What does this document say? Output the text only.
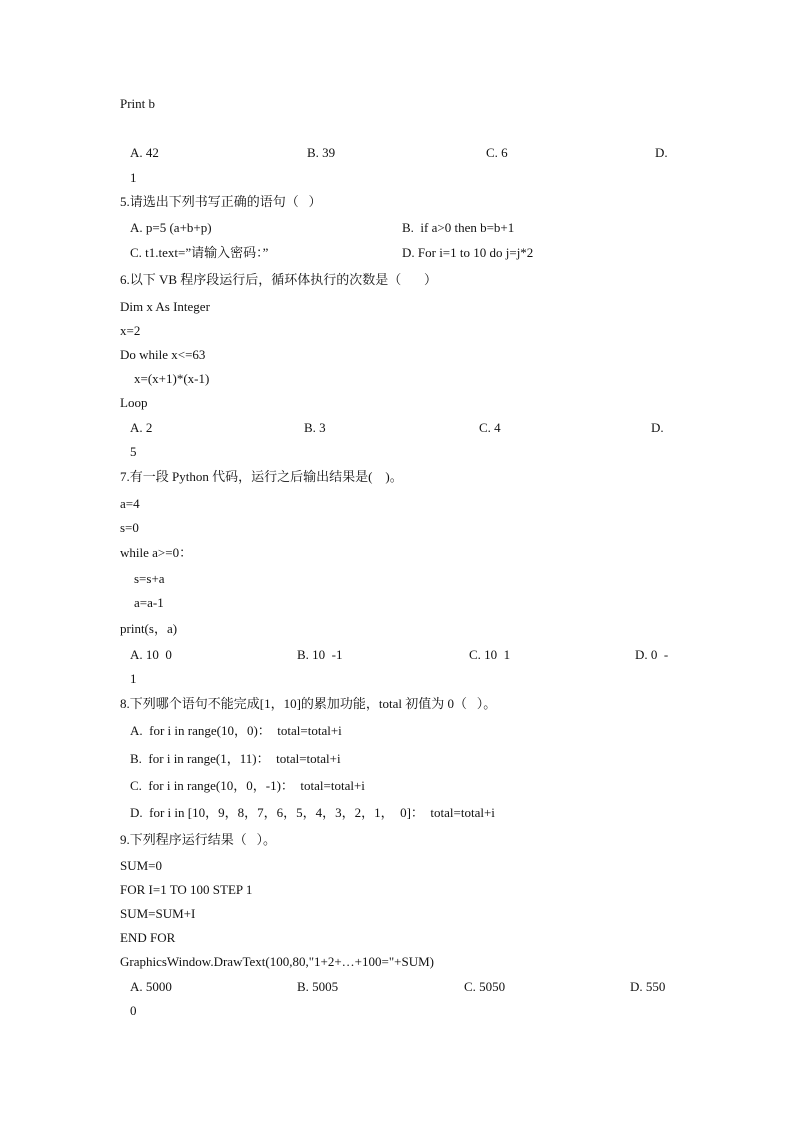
Print b
A. 42	B. 39	C. 6	D.
1
5.请选出下列书写正确的语句（   ）
A. p=5 (a+b+p)	B.  if a>0 then b=b+1
C. t1.text=”请输入密码：”	D. For i=1 to 10 do j=j*2
6.以下 VB 程序段运行后，循环体执行的次数是（       ）
Dim x As Integer
x=2
Do while x<=63
x=(x+1)*(x-1)
Loop
A. 2	B. 3	C. 4	D.
5
7.有一段 Python 代码，运行之后输出结果是(    )。
a=4
s=0
while a>=0：
s=s+a
a=a-1
print(s，a)
A. 10  0	B. 10  -1	C. 10  1	D. 0  -
1
8.下列哪个语句不能完成[1，10]的累加功能，total 初值为 0（   ）。
A.  for i in range(10，0)：  total=total+i
B.  for i in range(1，11)：  total=total+i
C.  for i in range(10，0，-1)：  total=total+i
D.  for i in [10，9，8，7，6，5，4，3，2，1，  0]：  total=total+i
9.下列程序运行结果（   ）。
SUM=0
FOR I=1 TO 100 STEP 1
SUM=SUM+I
END FOR
GraphicsWindow.DrawText(100,80,"1+2+…+100="+SUM)
A. 5000	B. 5005	C. 5050	D. 550
0
